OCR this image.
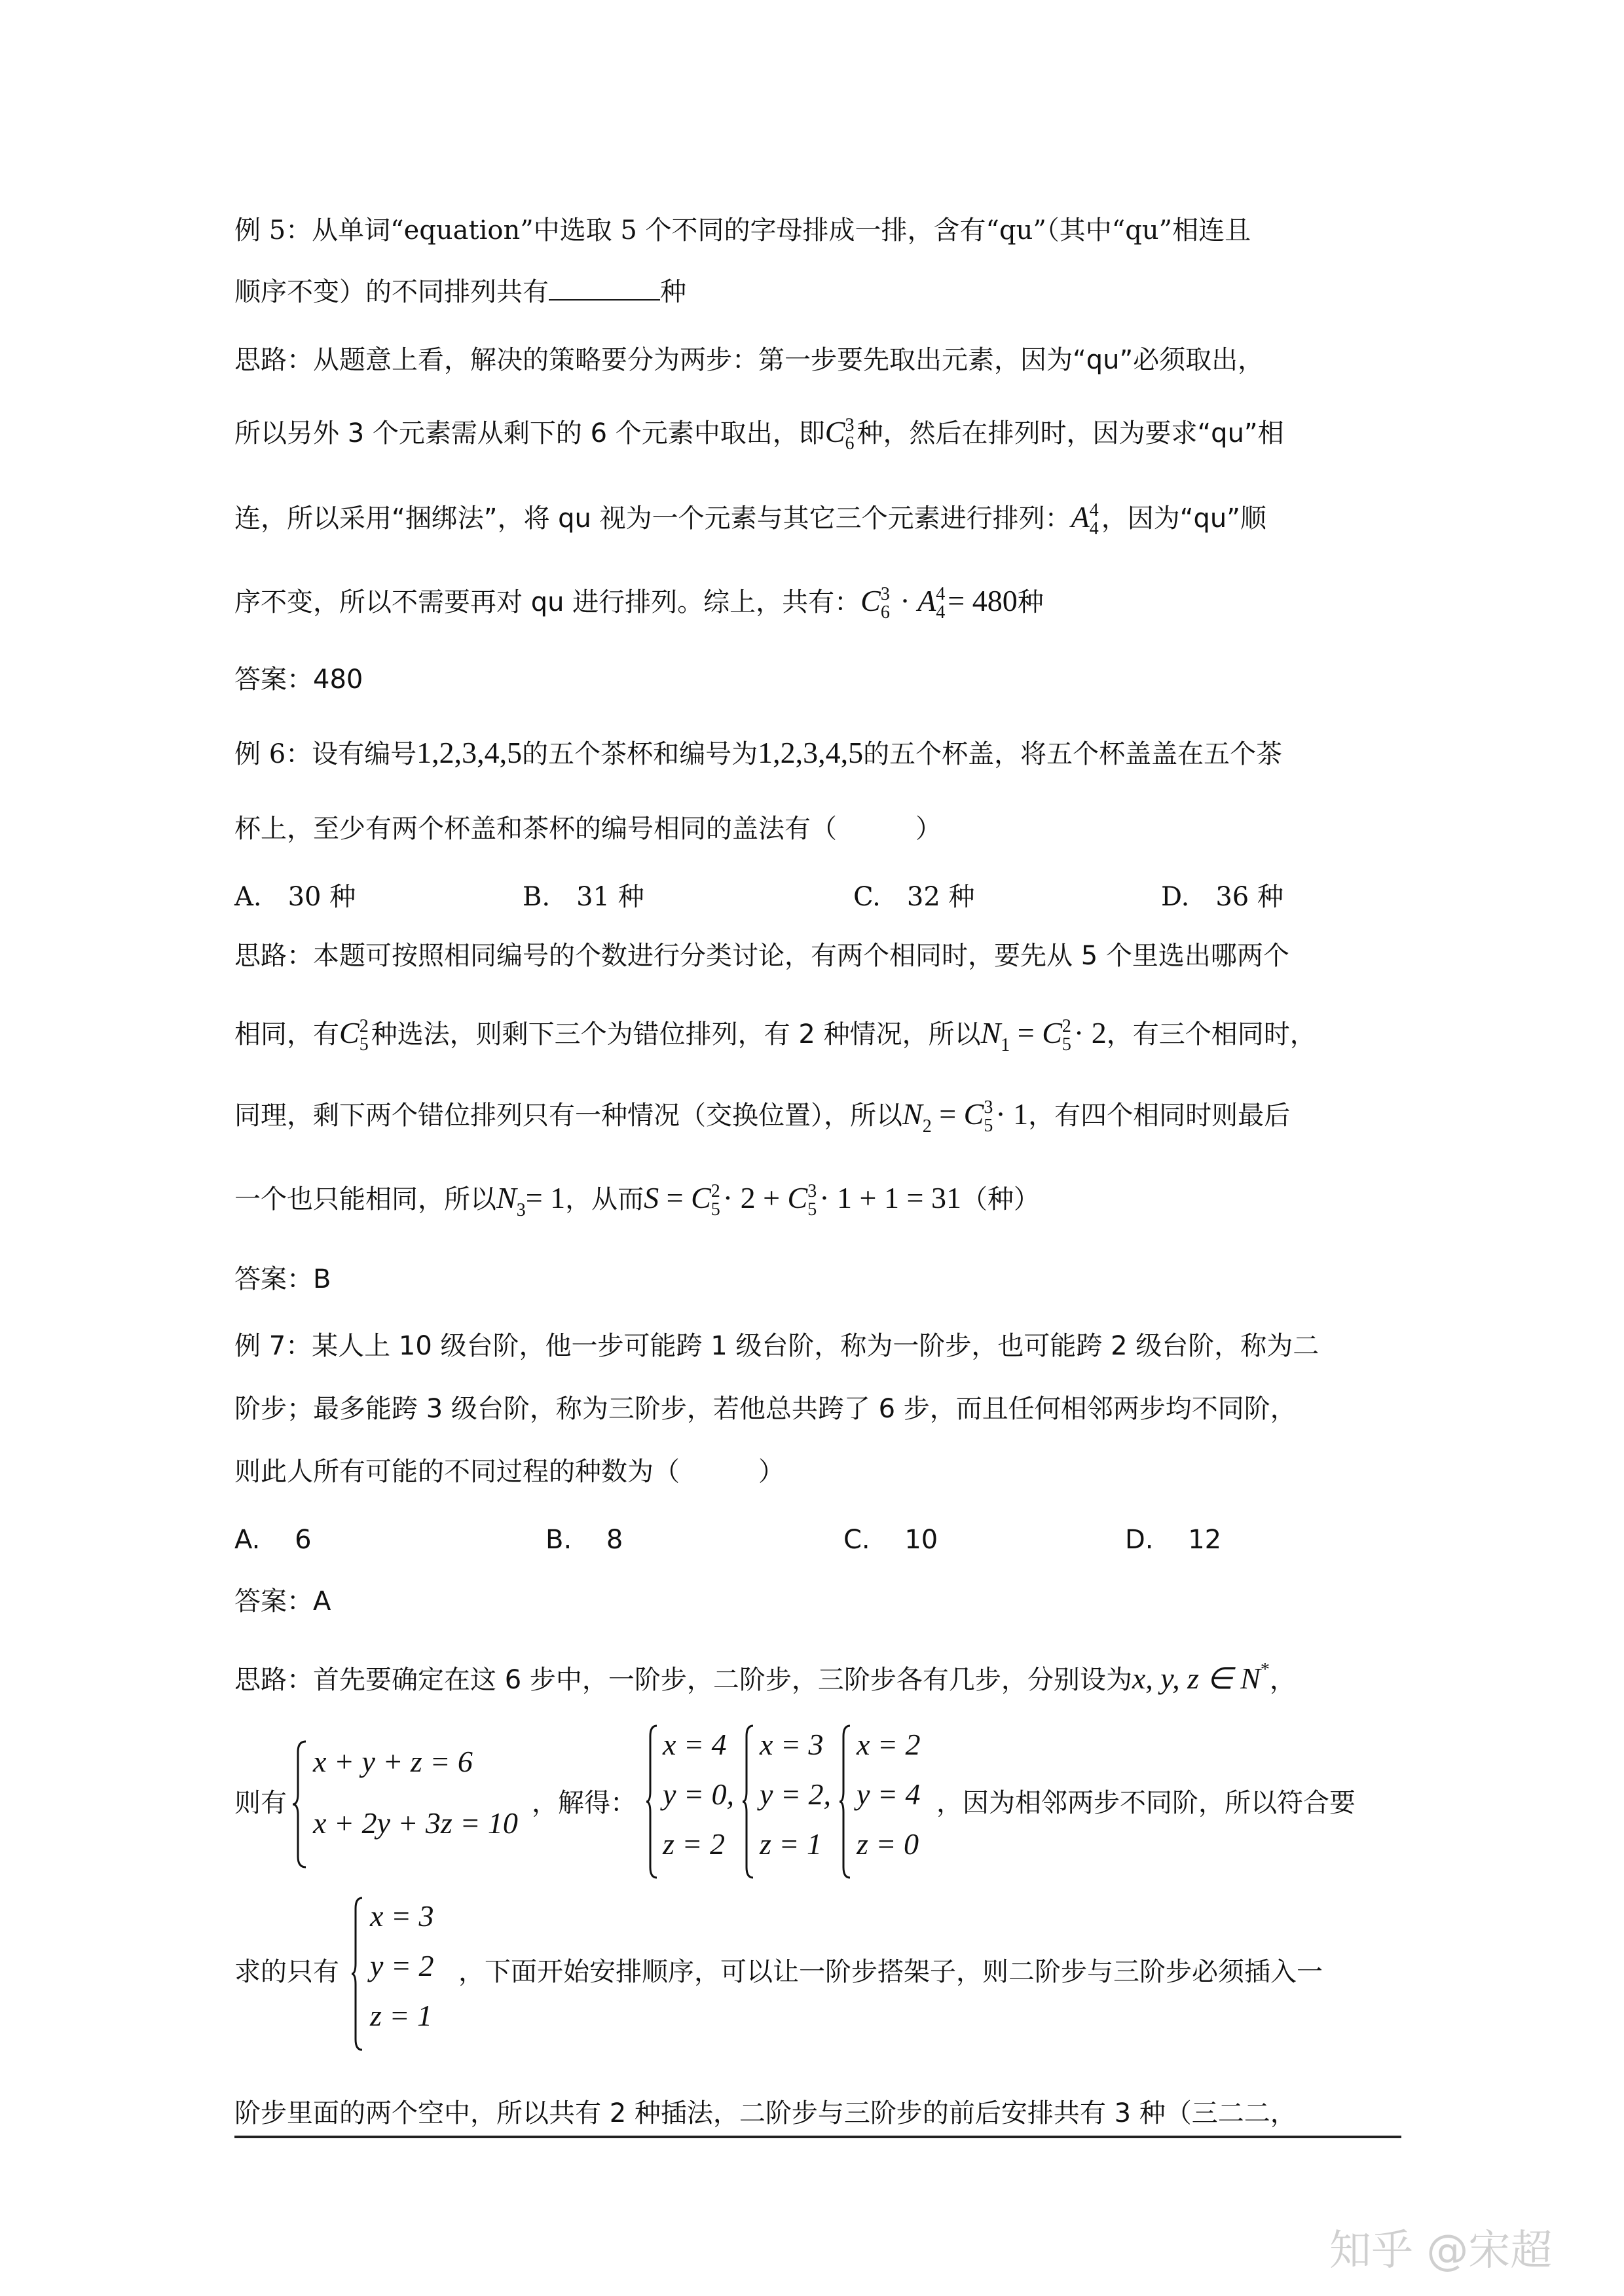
例 5：从单词“equation”中选取 5 个不同的字母排成一排，含有“qu”（其中“qu”相连且
顺序不变）的不同排列共有	种
思路：从题意上看，解决的策略要分为两步：第一步要先取出元素，因为“qu”必须取出，
所以另外 3 个元素需从剩下的 6 个元素中取出，即C 3
6 种，然后在排列时，因为要求“qu”相
连，所以采用“捆绑法”，将 qu 视为一个元素与其它三个元素进行排列：A 4
4 ，因为“qu”顺
序不变，所以不需要再对 qu 进行排列。综上，共有：C 3
6 · A 4
4 = 480种
答案：480
例 6：设有编号1,2,3,4,5的五个茶杯和编号为1,2,3,4,5的五个杯盖，将五个杯盖盖在五个茶
杯上，至少有两个杯盖和茶杯的编号相同的盖法有（　　　）
A.　30 种	B.　31 种	C.　32 种	D.　36 种
思路：本题可按照相同编号的个数进行分类讨论，有两个相同时，要先从 5 个里选出哪两个
相同，有C 2
5 种选法，则剩下三个为错位排列，有 2 种情况，所以$N_1 = C$ 2
5 · 2，有三个相同时，
同理，剩下两个错位排列只有一种情况（交换位置），所以$N_2 = C$ 3
5 · 1，有四个相同时则最后
一个也只能相同，所以$N_3= 1$，从而S = C 2
5 · 2 + C 3
5 · 1 + 1 = 31（种）
答案：B
例 7：某人上 10 级台阶，他一步可能跨 1 级台阶，称为一阶步，也可能跨 2 级台阶，称为二
阶步；最多能跨 3 级台阶，称为三阶步，若他总共跨了 6 步，而且任何相邻两步均不同阶，
则此人所有可能的不同过程的种数为（　　　）
A.　 6	B.　 8	C.　 10	D.　 12
答案：A
思路：首先要确定在这 6 步中，一阶步，二阶步，三阶步各有几步，分别设为x, y, z ∈ N*，
则有
x + y + z = 6
x + 2y + 3z = 10
，解得：
x = 4
y = 0,
z = 2
x = 3
y = 2,
z = 1
x = 2
y = 4
z = 0
，因为相邻两步不同阶，所以符合要
求的只有
x = 3
y = 2
z = 1
，下面开始安排顺序，可以让一阶步搭架子，则二阶步与三阶步必须插入一
阶步里面的两个空中，所以共有 2 种插法，二阶步与三阶步的前后安排共有 3 种（三二二，
知乎 @宋超
